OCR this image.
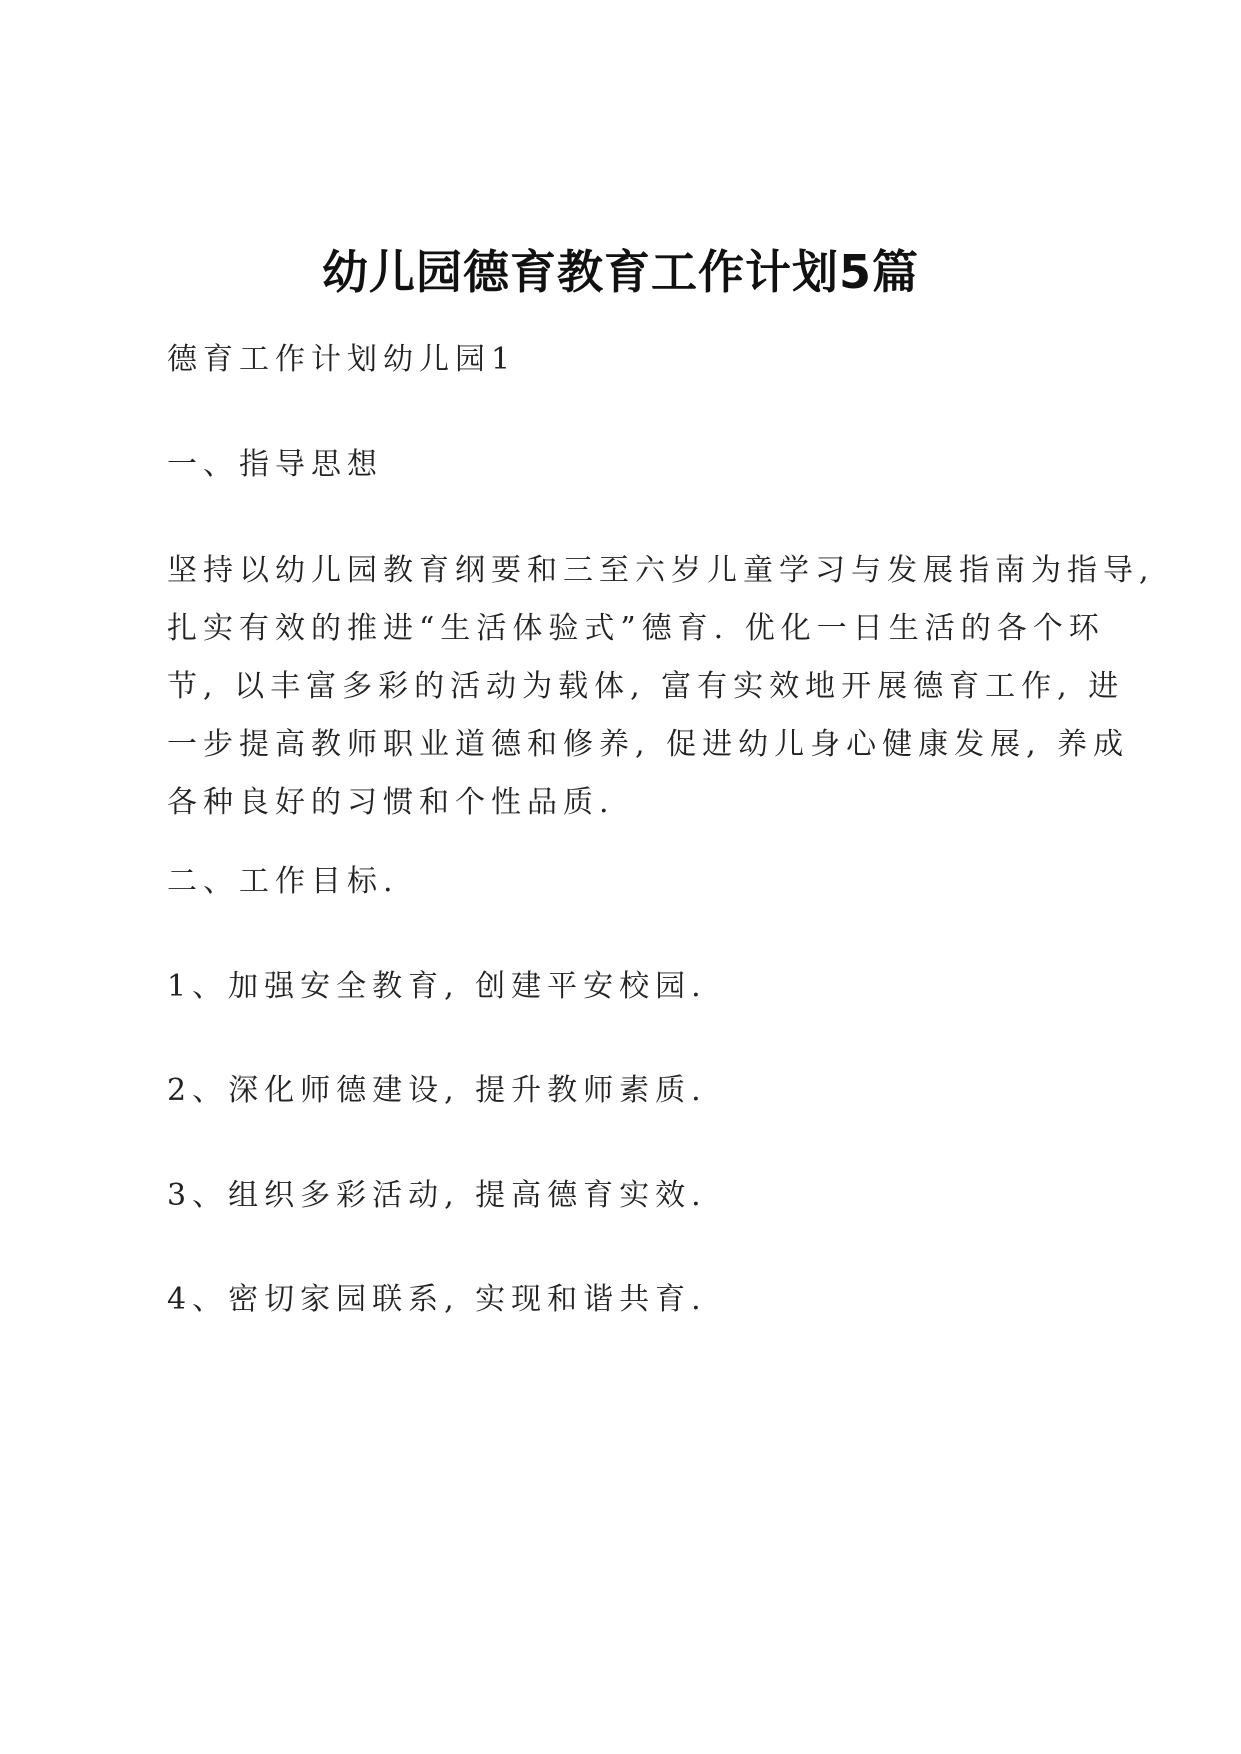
幼儿园德育教育工作计划5篇
德育工作计划幼儿园1
一、指导思想
坚持以幼儿园教育纲要和三至六岁儿童学习与发展指南为指导,
扎实有效的推进“生活体验式”德育. 优化一日生活的各个环
节, 以丰富多彩的活动为载体, 富有实效地开展德育工作, 进
一步提高教师职业道德和修养, 促进幼儿身心健康发展, 养成
各种良好的习惯和个性品质.
二、工作目标.
1、加强安全教育, 创建平安校园.
2、深化师德建设, 提升教师素质.
3、组织多彩活动, 提高德育实效.
4、密切家园联系, 实现和谐共育.
